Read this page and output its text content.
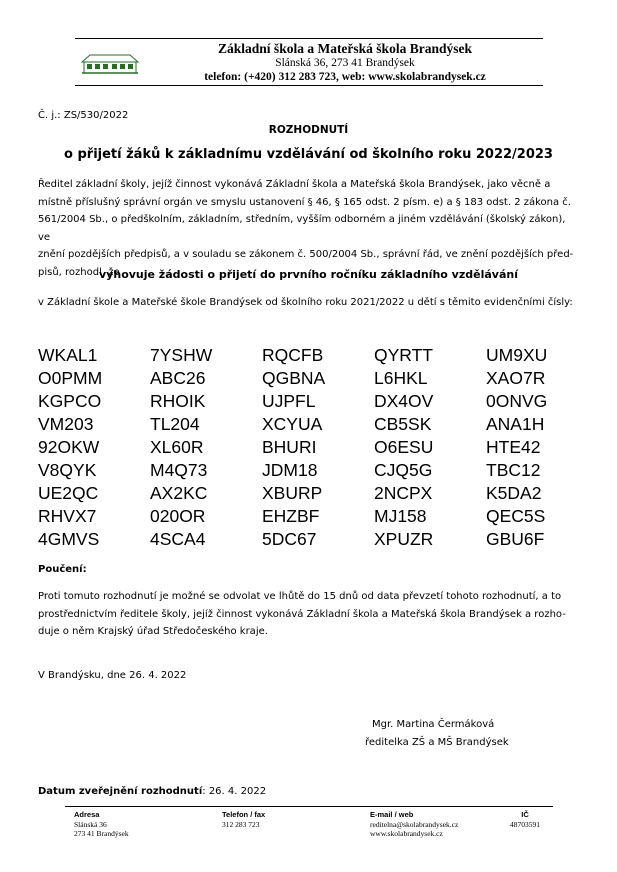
Základní škola a Mateřská škola Brandýsek
Slánská 36, 273 41 Brandýsek
telefon: (+420) 312 283 723, web: www.skolabrandysek.cz
Č. j.: ZS/530/2022
ROZHODNUTÍ
o přijetí žáků k základnímu vzdělávání od školního roku 2022/2023
Ředitel základní školy, jejíž činnost vykonává Základní škola a Mateřská škola Brandýsek, jako věcně a
místně příslušný správní orgán ve smyslu ustanovení § 46, § 165 odst. 2 písm. e) a § 183 odst. 2 zákona č.
561/2004 Sb., o předškolním, základním, středním, vyšším odborném a jiném vzdělávání (školský zákon), ve
znění pozdějších předpisů, a v souladu se zákonem č. 500/2004 Sb., správní řád, ve znění pozdějších před-
pisů, rozhodl, že
vyhovuje žádosti o přijetí do prvního ročníku základního vzdělávání
v Základní škole a Mateřské škole Brandýsek od školního roku 2021/2022 u dětí s těmito evidenčními čísly:
WKAL1	7YSHW	RQCFB	QYRTT	UM9XU
O0PMM	ABC26	QGBNA	L6HKL	XAO7R
KGPCO	RHOIK	UJPFL	DX4OV	0ONVG
VM203	TL204	XCYUA	CB5SK	ANA1H
92OKW	XL60R	BHURI	O6ESU	HTE42
V8QYK	M4Q73	JDM18	CJQ5G	TBC12
UE2QC	AX2KC	XBURP	2NCPX	K5DA2
RHVX7	020OR	EHZBF	MJ158	QEC5S
4GMVS	4SCA4	5DC67	XPUZR	GBU6F
Poučení:
Proti tomuto rozhodnutí je možné se odvolat ve lhůtě do 15 dnů od data převzetí tohoto rozhodnutí, a to
prostřednictvím ředitele školy, jejíž činnost vykonává Základní škola a Mateřská škola Brandýsek a rozho-
duje o něm Krajský úřad Středočeského kraje.
V Brandýsku, dne 26. 4. 2022
Mgr. Martina Čermáková
ředitelka ZŠ a MŠ Brandýsek
Datum zveřejnění rozhodnutí: 26. 4. 2022
Adresa
Slánská 36
273 41 Brandýsek
Telefon / fax
312 283 723
E-mail / web
reditelna@skolabrandysek.cz
www.skolabrandysek.cz
IČ
48703591
